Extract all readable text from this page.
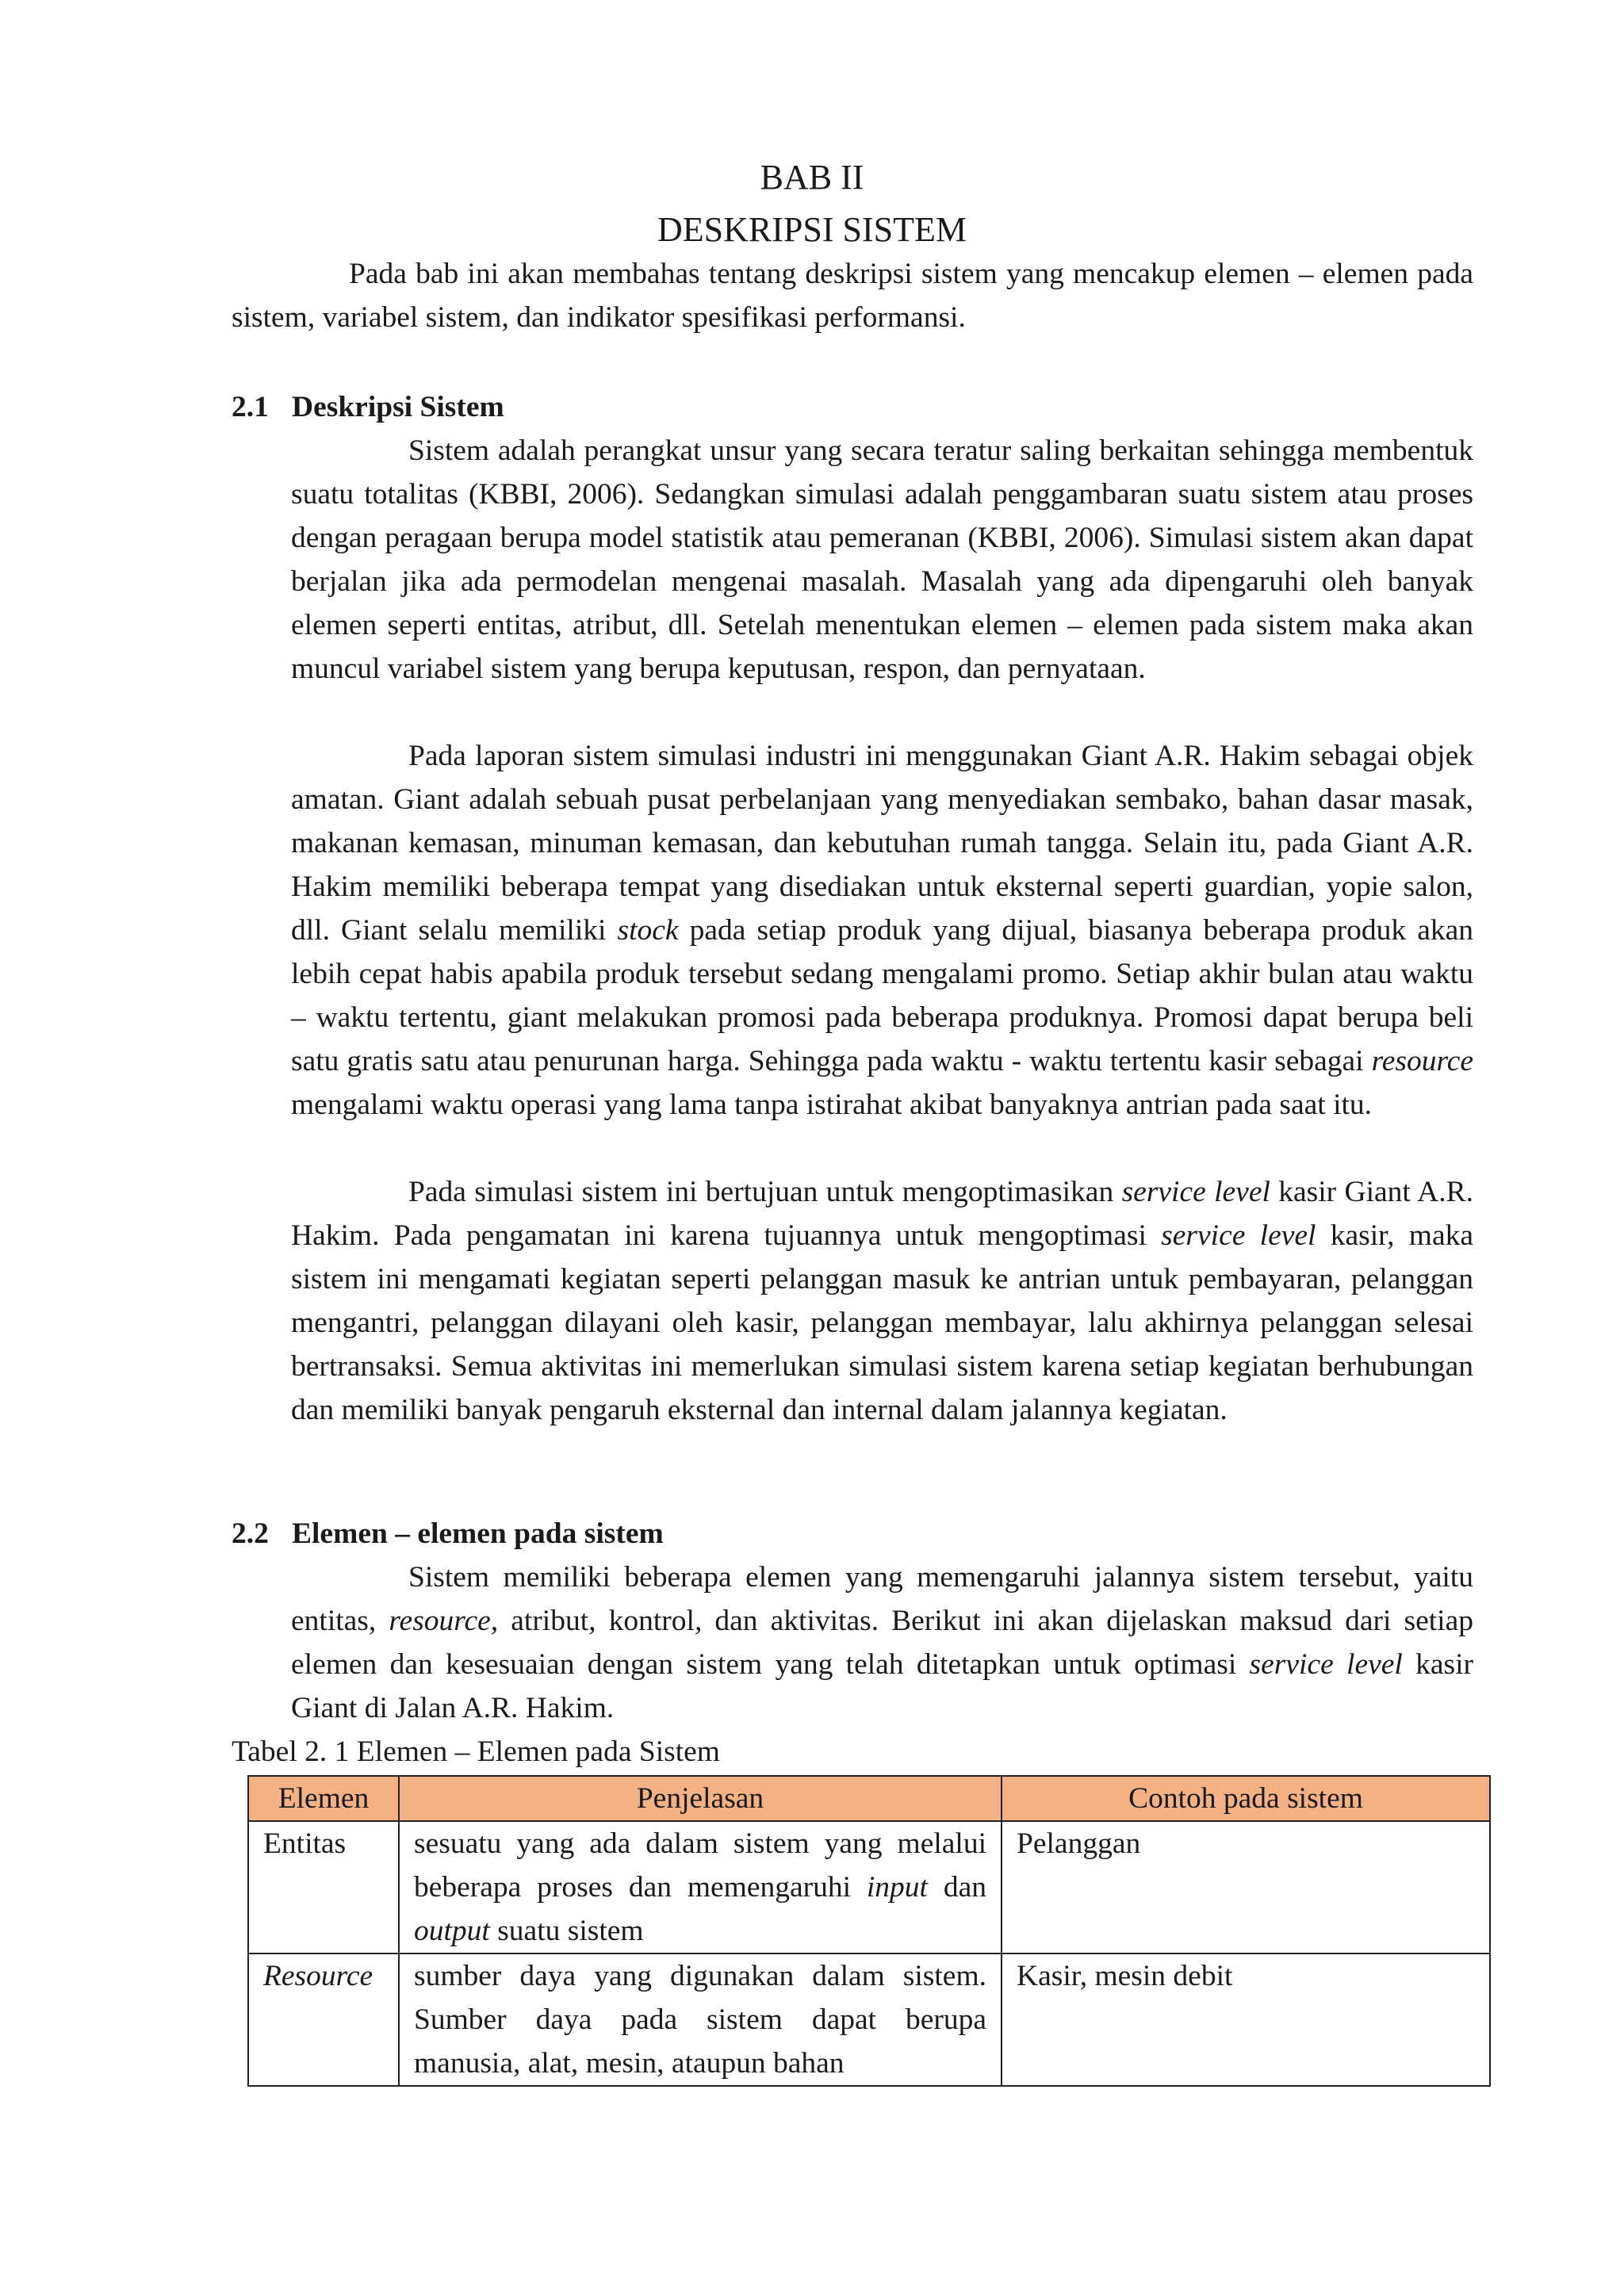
BAB II
DESKRIPSI SISTEM

Pada bab ini akan membahas tentang deskripsi sistem yang mencakup elemen – elemen pada sistem, variabel sistem, dan indikator spesifikasi performansi.

2.1 Deskripsi Sistem

Sistem adalah perangkat unsur yang secara teratur saling berkaitan sehingga membentuk suatu totalitas (KBBI, 2006). Sedangkan simulasi adalah penggambaran suatu sistem atau proses dengan peragaan berupa model statistik atau pemeranan (KBBI, 2006). Simulasi sistem akan dapat berjalan jika ada permodelan mengenai masalah. Masalah yang ada dipengaruhi oleh banyak elemen seperti entitas, atribut, dll. Setelah menentukan elemen – elemen pada sistem maka akan muncul variabel sistem yang berupa keputusan, respon, dan pernyataan.

Pada laporan sistem simulasi industri ini menggunakan Giant A.R. Hakim sebagai objek amatan. Giant adalah sebuah pusat perbelanjaan yang menyediakan sembako, bahan dasar masak, makanan kemasan, minuman kemasan, dan kebutuhan rumah tangga. Selain itu, pada Giant A.R. Hakim memiliki beberapa tempat yang disediakan untuk eksternal seperti guardian, yopie salon, dll. Giant selalu memiliki stock pada setiap produk yang dijual, biasanya beberapa produk akan lebih cepat habis apabila produk tersebut sedang mengalami promo. Setiap akhir bulan atau waktu – waktu tertentu, giant melakukan promosi pada beberapa produknya. Promosi dapat berupa beli satu gratis satu atau penurunan harga. Sehingga pada waktu - waktu tertentu kasir sebagai resource mengalami waktu operasi yang lama tanpa istirahat akibat banyaknya antrian pada saat itu.

Pada simulasi sistem ini bertujuan untuk mengoptimasikan service level kasir Giant A.R. Hakim. Pada pengamatan ini karena tujuannya untuk mengoptimasi service level kasir, maka sistem ini mengamati kegiatan seperti pelanggan masuk ke antrian untuk pembayaran, pelanggan mengantri, pelanggan dilayani oleh kasir, pelanggan membayar, lalu akhirnya pelanggan selesai bertransaksi. Semua aktivitas ini memerlukan simulasi sistem karena setiap kegiatan berhubungan dan memiliki banyak pengaruh eksternal dan internal dalam jalannya kegiatan.

2.2 Elemen – elemen pada sistem

Sistem memiliki beberapa elemen yang memengaruhi jalannya sistem tersebut, yaitu entitas, resource, atribut, kontrol, dan aktivitas. Berikut ini akan dijelaskan maksud dari setiap elemen dan kesesuaian dengan sistem yang telah ditetapkan untuk optimasi service level kasir Giant di Jalan A.R. Hakim.

Tabel 2. 1 Elemen – Elemen pada Sistem

Elemen	Penjelasan	Contoh pada sistem
Entitas	sesuatu yang ada dalam sistem yang melalui beberapa proses dan memengaruhi input dan output suatu sistem	Pelanggan
Resource	sumber daya yang digunakan dalam sistem. Sumber daya pada sistem dapat berupa manusia, alat, mesin, ataupun bahan	Kasir, mesin debit
